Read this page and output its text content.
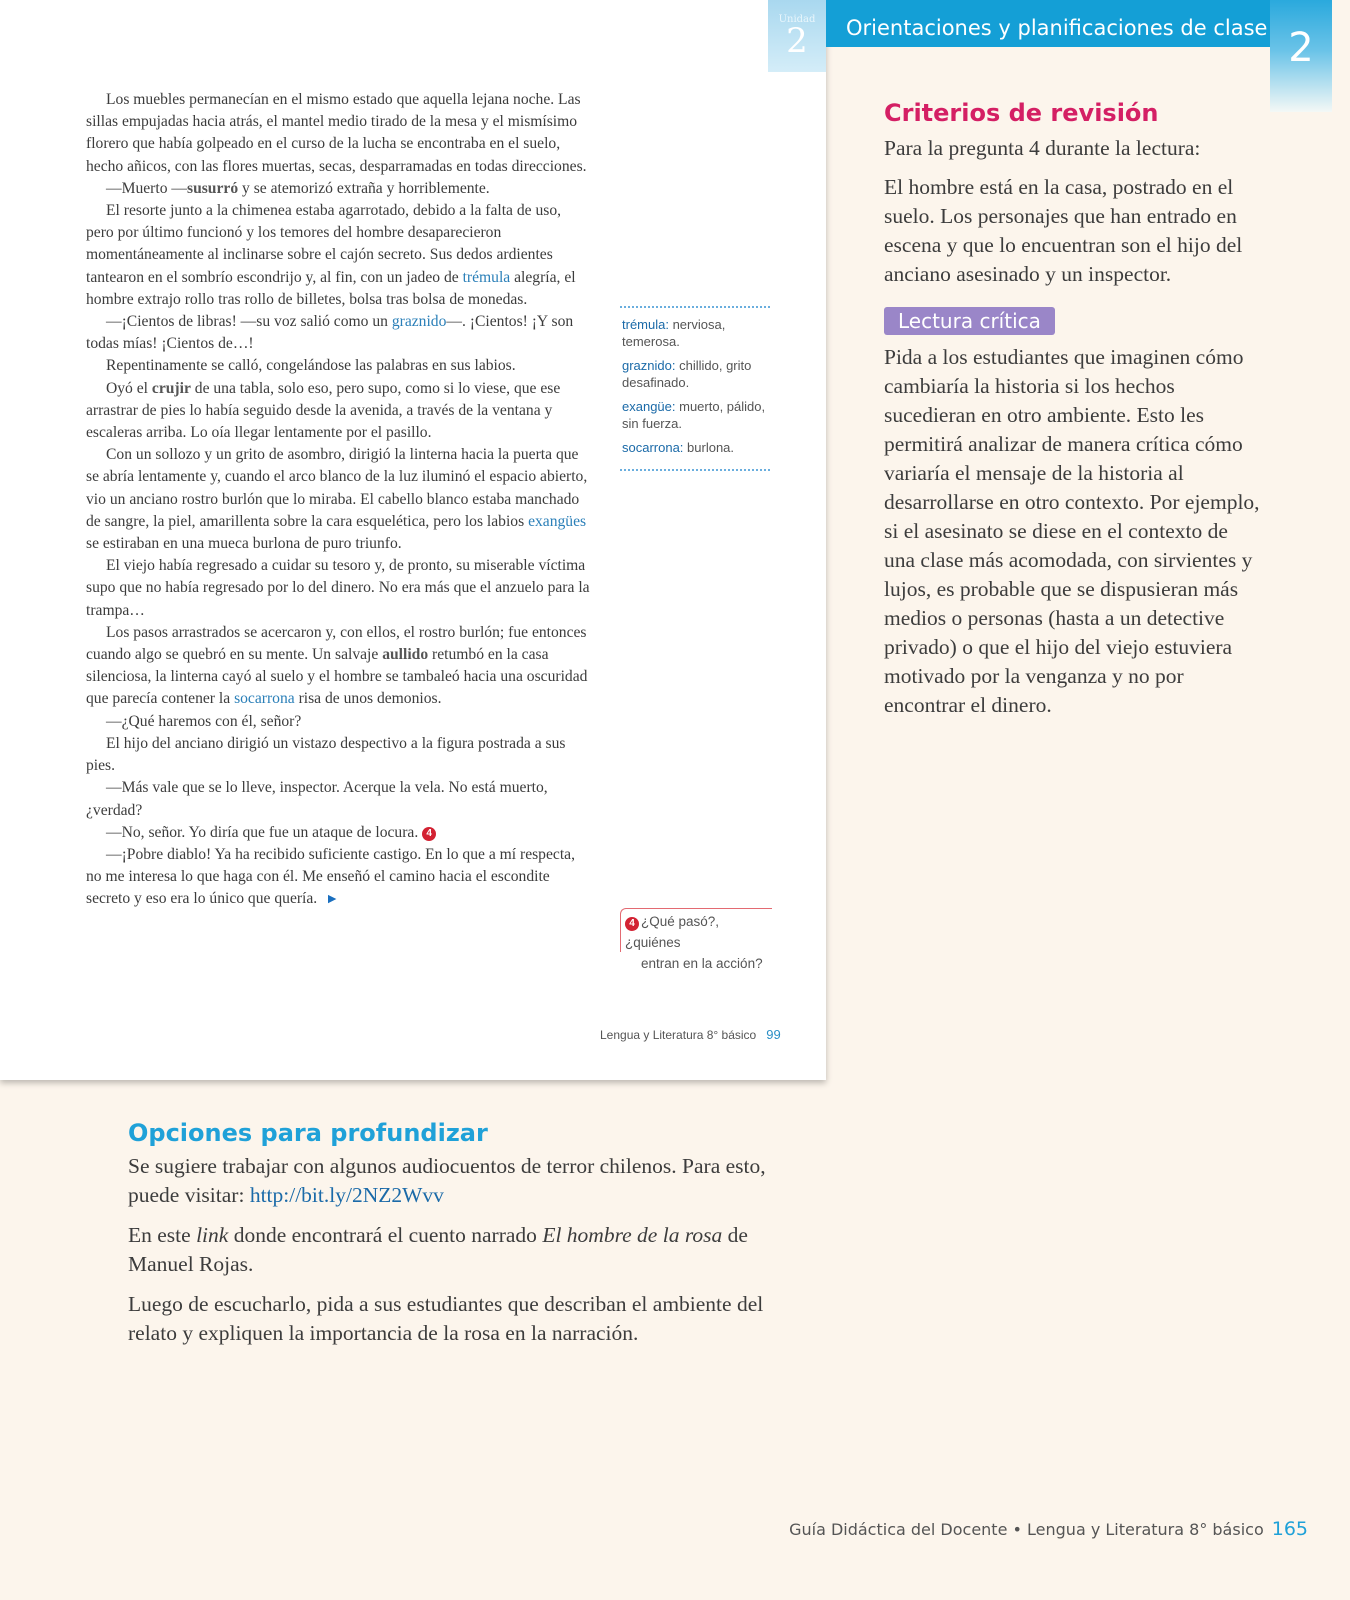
Unidad
2

Los muebles permanecían en el mismo estado que aquella lejana noche. Las sillas empujadas hacia atrás, el mantel medio tirado de la mesa y el mismísimo florero que había golpeado en el curso de la lucha se encontraba en el suelo, hecho añicos, con las flores muertas, secas, desparramadas en todas direcciones.

—Muerto —susurró y se atemorizó extraña y horriblemente.

El resorte junto a la chimenea estaba agarrotado, debido a la falta de uso, pero por último funcionó y los temores del hombre desaparecieron momentáneamente al inclinarse sobre el cajón secreto. Sus dedos ardientes tantearon en el sombrío escondrijo y, al fin, con un jadeo de trémula alegría, el hombre extrajo rollo tras rollo de billetes, bolsa tras bolsa de monedas.

—¡Cientos de libras! —su voz salió como un graznido—. ¡Cientos! ¡Y son todas mías! ¡Cientos de…!

Repentinamente se calló, congelándose las palabras en sus labios.

Oyó el crujir de una tabla, solo eso, pero supo, como si lo viese, que ese arrastrar de pies lo había seguido desde la avenida, a través de la ventana y escaleras arriba. Lo oía llegar lentamente por el pasillo.

Con un sollozo y un grito de asombro, dirigió la linterna hacia la puerta que se abría lentamente y, cuando el arco blanco de la luz iluminó el espacio abierto, vio un anciano rostro burlón que lo miraba. El cabello blanco estaba manchado de sangre, la piel, amarillenta sobre la cara esquelética, pero los labios exangües se estiraban en una mueca burlona de puro triunfo.

El viejo había regresado a cuidar su tesoro y, de pronto, su miserable víctima supo que no había regresado por lo del dinero. No era más que el anzuelo para la trampa…

Los pasos arrastrados se acercaron y, con ellos, el rostro burlón; fue entonces cuando algo se quebró en su mente. Un salvaje aullido retumbó en la casa silenciosa, la linterna cayó al suelo y el hombre se tambaleó hacia una oscuridad que parecía contener la socarrona risa de unos demonios.

—¿Qué haremos con él, señor?

El hijo del anciano dirigió un vistazo despectivo a la figura postrada a sus pies.

—Más vale que se lo lleve, inspector. Acerque la vela. No está muerto, ¿verdad?

—No, señor. Yo diría que fue un ataque de locura. 4

—¡Pobre diablo! Ya ha recibido suficiente castigo. En lo que a mí respecta, no me interesa lo que haga con él. Me enseñó el camino hacia el escondite secreto y eso era lo único que quería. ►

trémula: nerviosa, temerosa.
graznido: chillido, grito desafinado.
exangüe: muerto, pálido, sin fuerza.
socarrona: burlona.
4 ¿Qué pasó?, ¿quiénes
entran en la acción?
Lengua y Literatura 8° básico 99
Orientaciones y planificaciones de clase 2
Criterios de revisión

Para la pregunta 4 durante la lectura:

El hombre está en la casa, postrado en el suelo. Los personajes que han entrado en escena y que lo encuentran son el hijo del anciano asesinado y un inspector.

Lectura crítica

Pida a los estudiantes que imaginen cómo cambiaría la historia si los hechos sucedieran en otro ambiente. Esto les permitirá analizar de manera crítica cómo variaría el mensaje de la historia al desarrollarse en otro contexto. Por ejemplo, si el asesinato se diese en el contexto de una clase más acomodada, con sirvientes y lujos, es probable que se dispusieran más medios o personas (hasta a un detective privado) o que el hijo del viejo estuviera motivado por la venganza y no por encontrar el dinero.

Opciones para profundizar

Se sugiere trabajar con algunos audiocuentos de terror chilenos. Para esto, puede visitar: http://bit.ly/2NZ2Wvv

En este link donde encontrará el cuento narrado El hombre de la rosa de Manuel Rojas.

Luego de escucharlo, pida a sus estudiantes que describan el ambiente del relato y expliquen la importancia de la rosa en la narración.

Guía Didáctica del Docente • Lengua y Literatura 8° básico 165
